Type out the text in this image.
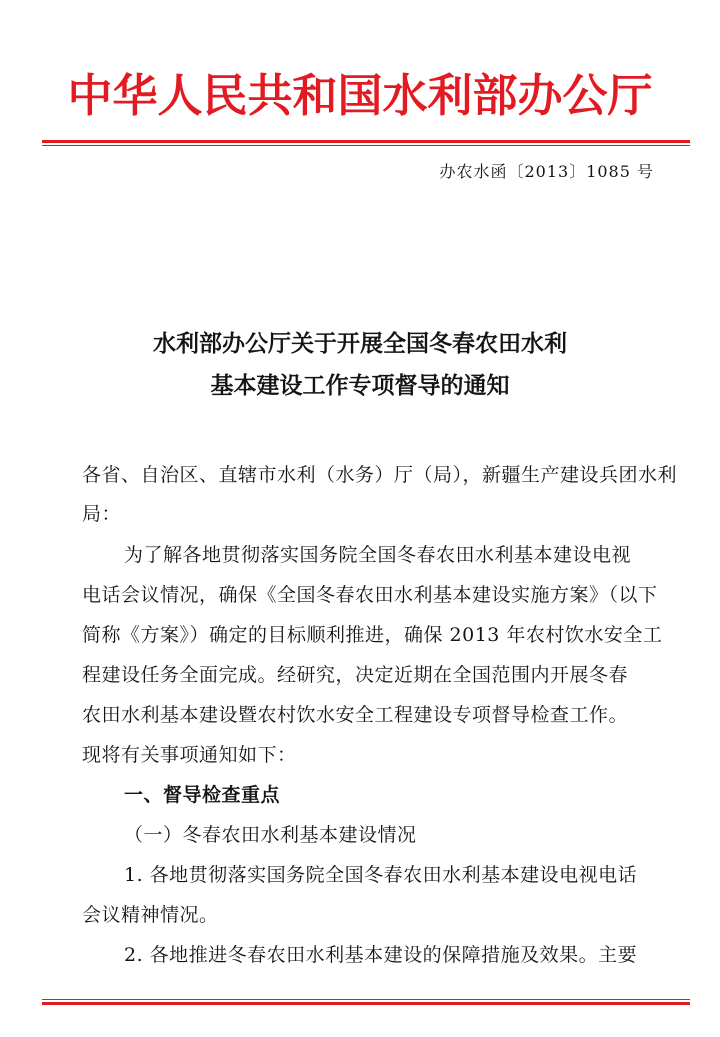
中华人民共和国水利部办公厅
办农水函〔2013〕1085 号
水利部办公厅关于开展全国冬春农田水利
基本建设工作专项督导的通知
各省、自治区、直辖市水利（水务）厅（局），新疆生产建设兵团水利
局：
为了解各地贯彻落实国务院全国冬春农田水利基本建设电视
电话会议情况，确保《全国冬春农田水利基本建设实施方案》（以下
简称《方案》）确定的目标顺利推进，确保 2013 年农村饮水安全工
程建设任务全面完成。经研究，决定近期在全国范围内开展冬春
农田水利基本建设暨农村饮水安全工程建设专项督导检查工作。
现将有关事项通知如下：
一、督导检查重点
（一）冬春农田水利基本建设情况
1. 各地贯彻落实国务院全国冬春农田水利基本建设电视电话
会议精神情况。
2. 各地推进冬春农田水利基本建设的保障措施及效果。主要
